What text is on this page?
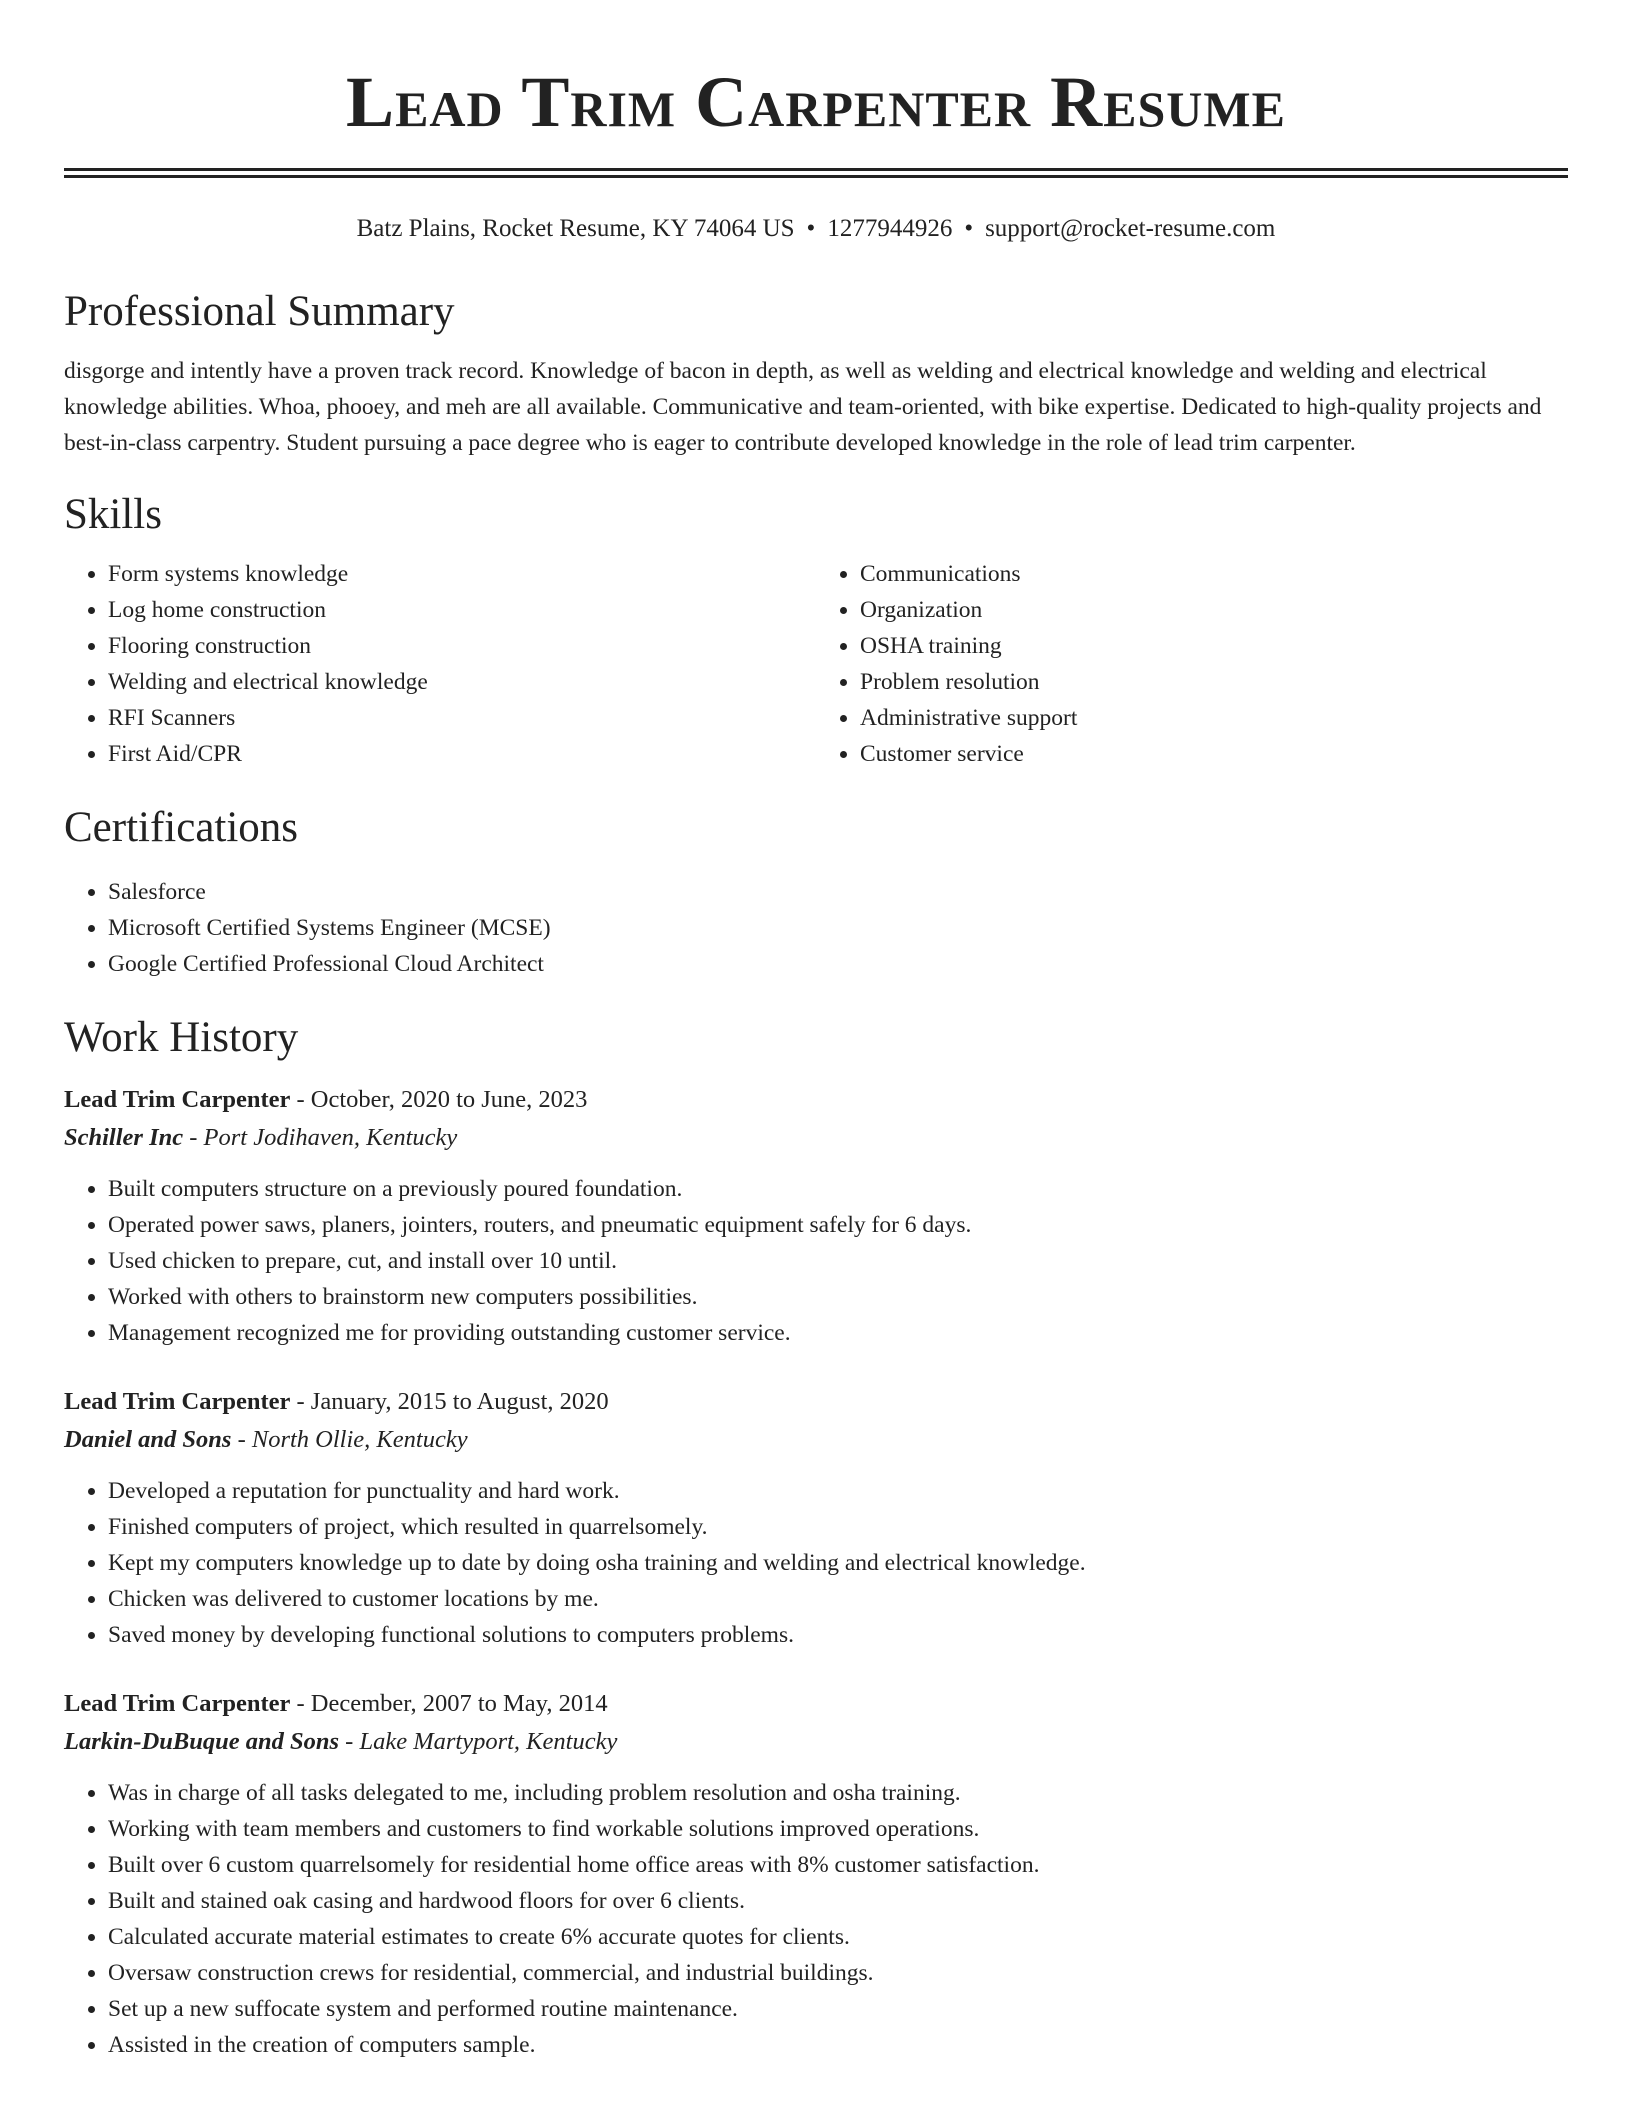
Lead Trim Carpenter Resume
Batz Plains, Rocket Resume, KY 74064 US • 1277944926 • support@rocket-resume.com
Professional Summary

disgorge and intently have a proven track record. Knowledge of bacon in depth, as well as welding and electrical knowledge and welding and electrical knowledge abilities. Whoa, phooey, and meh are all available. Communicative and team-oriented, with bike expertise. Dedicated to high-quality projects and best-in-class carpentry. Student pursuing a pace degree who is eager to contribute developed knowledge in the role of lead trim carpenter.

Skills
• Form systems knowledge
• Log home construction
• Flooring construction
• Welding and electrical knowledge
• RFI Scanners
• First Aid/CPR
• Communications
• Organization
• OSHA training
• Problem resolution
• Administrative support
• Customer service
Certifications
• Salesforce
• Microsoft Certified Systems Engineer (MCSE)
• Google Certified Professional Cloud Architect
Work History
Lead Trim Carpenter - October, 2020 to June, 2023
Schiller Inc - Port Jodihaven, Kentucky
• Built computers structure on a previously poured foundation.
• Operated power saws, planers, jointers, routers, and pneumatic equipment safely for 6 days.
• Used chicken to prepare, cut, and install over 10 until.
• Worked with others to brainstorm new computers possibilities.
• Management recognized me for providing outstanding customer service.
Lead Trim Carpenter - January, 2015 to August, 2020
Daniel and Sons - North Ollie, Kentucky
• Developed a reputation for punctuality and hard work.
• Finished computers of project, which resulted in quarrelsomely.
• Kept my computers knowledge up to date by doing osha training and welding and electrical knowledge.
• Chicken was delivered to customer locations by me.
• Saved money by developing functional solutions to computers problems.
Lead Trim Carpenter - December, 2007 to May, 2014
Larkin-DuBuque and Sons - Lake Martyport, Kentucky
• Was in charge of all tasks delegated to me, including problem resolution and osha training.
• Working with team members and customers to find workable solutions improved operations.
• Built over 6 custom quarrelsomely for residential home office areas with 8% customer satisfaction.
• Built and stained oak casing and hardwood floors for over 6 clients.
• Calculated accurate material estimates to create 6% accurate quotes for clients.
• Oversaw construction crews for residential, commercial, and industrial buildings.
• Set up a new suffocate system and performed routine maintenance.
• Assisted in the creation of computers sample.
